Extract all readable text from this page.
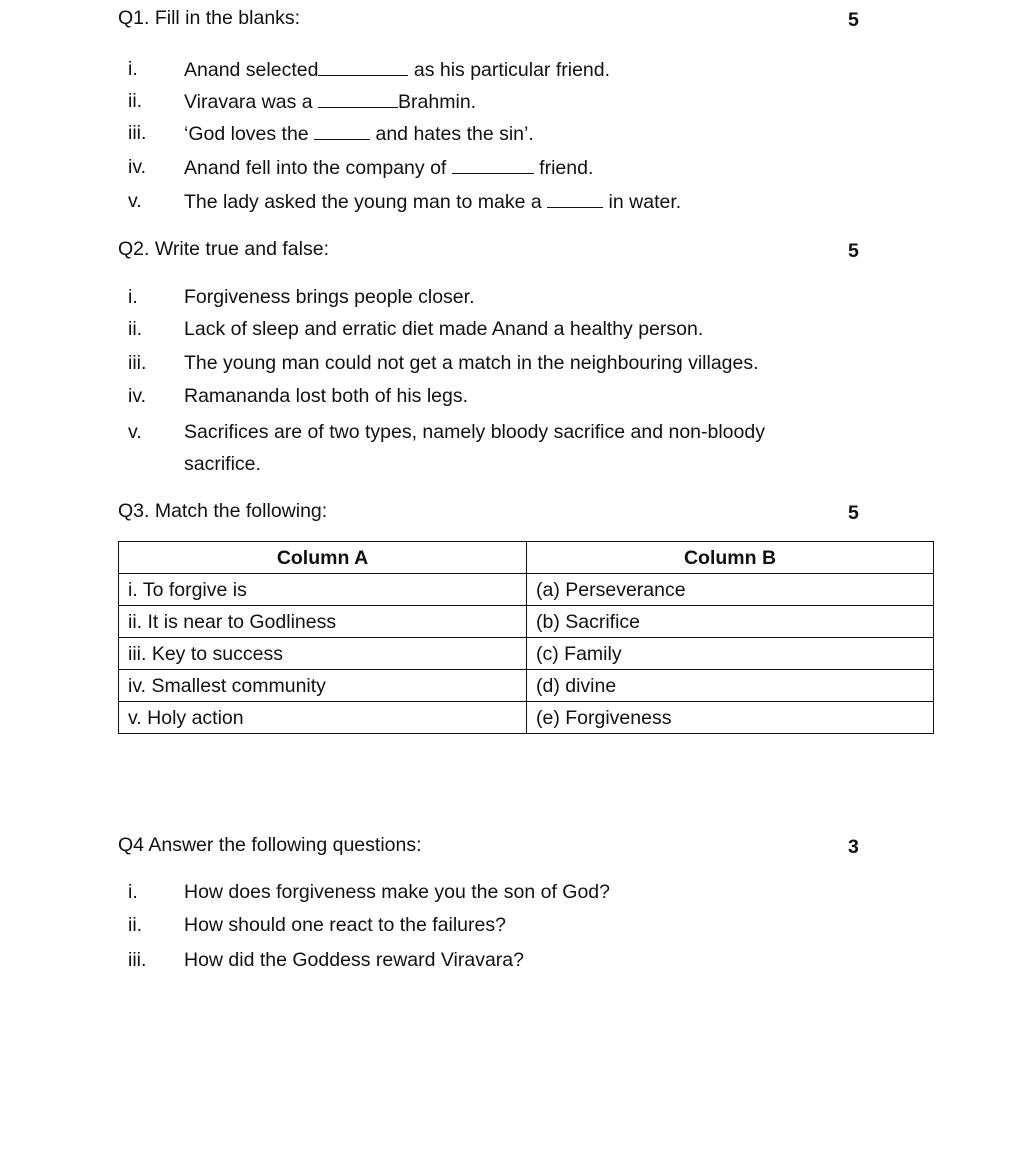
Q1. Fill in the blanks:	5
i.	Anand selected	as his particular friend.
ii.	Viravara was a	Brahmin.
iii.	‘God loves the	and hates the sin’.
iv.	Anand fell into the company of	friend.
v.	The lady asked the young man to make a	in water.
Q2. Write true and false:	5
i.	Forgiveness brings people closer.
ii.	Lack of sleep and erratic diet made Anand a healthy person.
iii.	The young man could not get a match in the neighbouring villages.
iv.	Ramananda lost both of his legs.
v.	Sacrifices are of two types, namely bloody sacrifice and non-bloody
sacrifice.
Q3. Match the following:	5
Column A	Column B
i. To forgive is	(a) Perseverance
ii. It is near to Godliness	(b) Sacrifice
iii. Key to success	(c) Family
iv. Smallest community	(d) divine
v. Holy action	(e) Forgiveness
Q4 Answer the following questions:	3
i.	How does forgiveness make you the son of God?
ii.	How should one react to the failures?
iii.	How did the Goddess reward Viravara?
